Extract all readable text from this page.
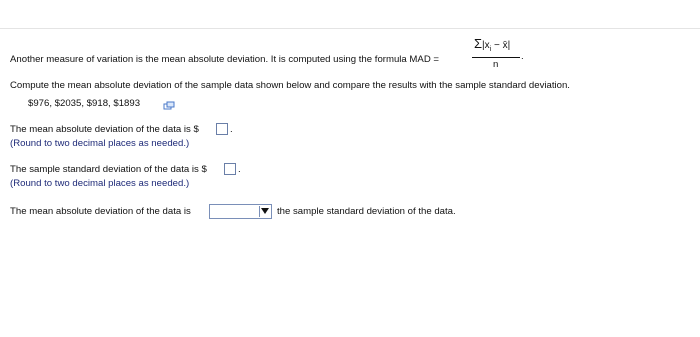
Another measure of variation is the mean absolute deviation. It is computed using the formula MAD =
$\Sigma|x_i$ − x̄|
n
.
Compute the mean absolute deviation of the sample data shown below and compare the results with the sample standard deviation.
$976, $2035, $918, $1893
The mean absolute deviation of the data is $	.
(Round to two decimal places as needed.)
The sample standard deviation of the data is $	.
(Round to two decimal places as needed.)
The mean absolute deviation of the data is	the sample standard deviation of the data.
